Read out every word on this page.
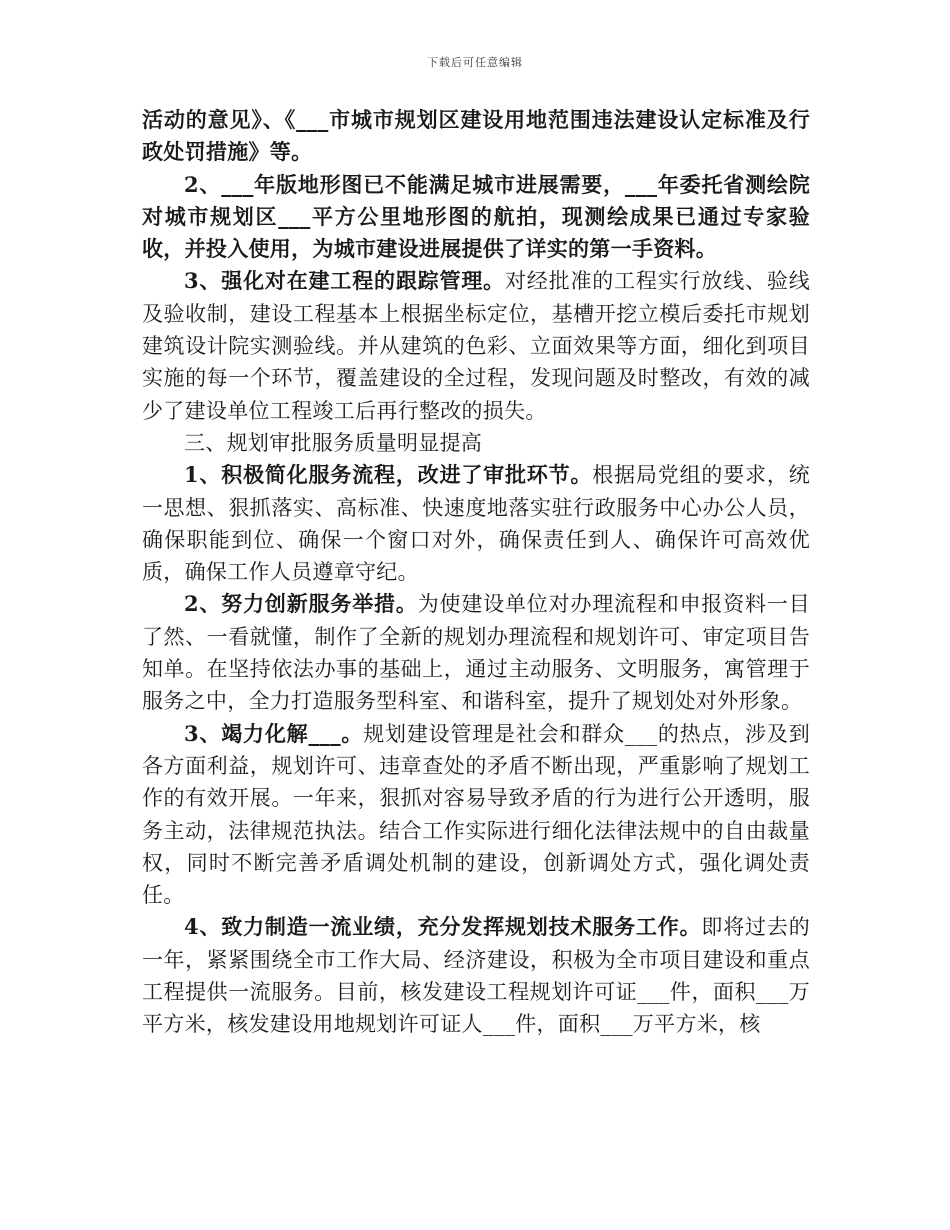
下载后可任意编辑

活动的意见》、《___市城市规划区建设用地范围违法建设认定标准及行政处罚措施》等。

2、___年版地形图已不能满足城市进展需要，___年委托省测绘院对城市规划区___平方公里地形图的航拍，现测绘成果已通过专家验收，并投入使用，为城市建设进展提供了详实的第一手资料。

3、强化对在建工程的跟踪管理。对经批准的工程实行放线、验线及验收制，建设工程基本上根据坐标定位，基槽开挖立模后委托市规划建筑设计院实测验线。并从建筑的色彩、立面效果等方面，细化到项目实施的每一个环节，覆盖建设的全过程，发现问题及时整改，有效的减少了建设单位工程竣工后再行整改的损失。

三、规划审批服务质量明显提高

1、积极简化服务流程，改进了审批环节。根据局党组的要求，统一思想、狠抓落实、高标准、快速度地落实驻行政服务中心办公人员，确保职能到位、确保一个窗口对外，确保责任到人、确保许可高效优质，确保工作人员遵章守纪。

2、努力创新服务举措。为使建设单位对办理流程和申报资料一目了然、一看就懂，制作了全新的规划办理流程和规划许可、审定项目告知单。在坚持依法办事的基础上，通过主动服务、文明服务，寓管理于服务之中，全力打造服务型科室、和谐科室，提升了规划处对外形象。

3、竭力化解___。规划建设管理是社会和群众___的热点，涉及到各方面利益，规划许可、违章查处的矛盾不断出现，严重影响了规划工作的有效开展。一年来，狠抓对容易导致矛盾的行为进行公开透明，服务主动，法律规范执法。结合工作实际进行细化法律法规中的自由裁量权，同时不断完善矛盾调处机制的建设，创新调处方式，强化调处责任。

4、致力制造一流业绩，充分发挥规划技术服务工作。即将过去的一年，紧紧围绕全市工作大局、经济建设，积极为全市项目建设和重点工程提供一流服务。目前，核发建设工程规划许可证___件，面积___万平方米，核发建设用地规划许可证人___件，面积___万平方米，核
